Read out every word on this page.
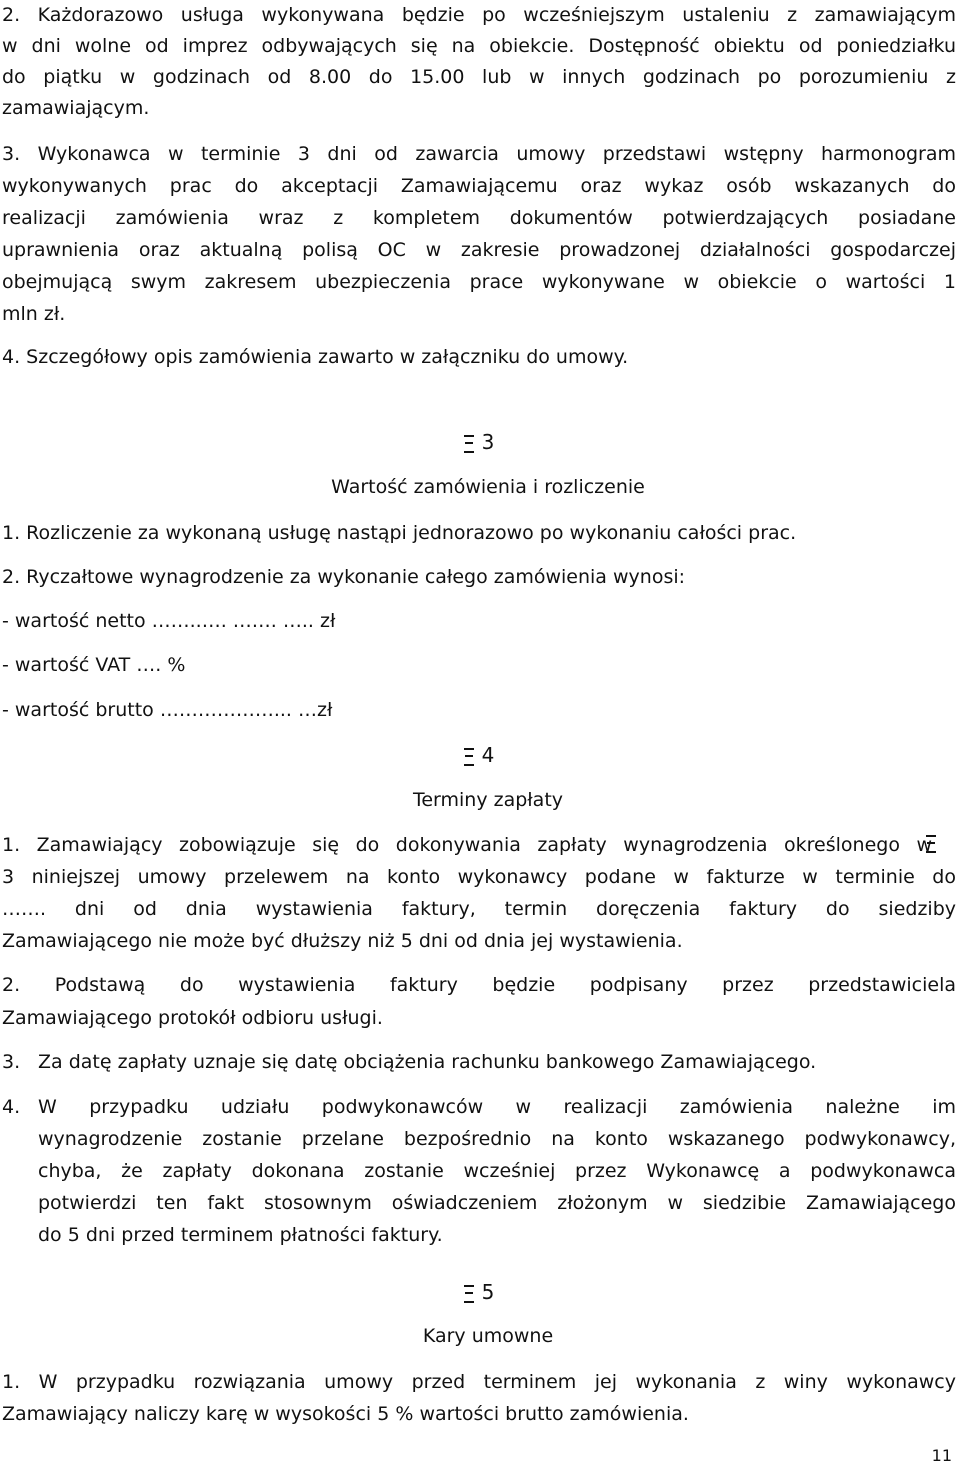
2. Każdorazowo usługa wykonywana będzie po wcześniejszym ustaleniu z zamawiającym
w dni wolne od imprez odbywających się na obiekcie. Dostępność obiektu od poniedziałku
do piątku w godzinach od 8.00 do 15.00 lub w innych godzinach po porozumieniu z
zamawiającym.
3. Wykonawca w terminie 3 dni od zawarcia umowy przedstawi wstępny harmonogram
wykonywanych prac do akceptacji Zamawiającemu oraz wykaz osób wskazanych do
realizacji zamówienia wraz z kompletem dokumentów potwierdzających posiadane
uprawnienia oraz aktualną polisą OC w zakresie prowadzonej działalności gospodarczej
obejmującą swym zakresem ubezpieczenia prace wykonywane w obiekcie o wartości 1
mln zł.
4. Szczegółowy opis zamówienia zawarto w załączniku do umowy.
3
Wartość zamówienia i rozliczenie
1. Rozliczenie za wykonaną usługę nastąpi jednorazowo po wykonaniu całości prac.
2. Ryczałtowe wynagrodzenie za wykonanie całego zamówienia wynosi:
- wartość netto ……..…. ……. ….. zł
- wartość VAT …. %
- wartość brutto ………………... …zł
4
Terminy zapłaty
1. Zamawiający zobowiązuje się do dokonywania zapłaty wynagrodzenia określonego w
3 niniejszej umowy przelewem na konto wykonawcy podane w fakturze w terminie do
……. dni od dnia wystawienia faktury, termin doręczenia faktury do siedziby
Zamawiającego nie może być dłuższy niż 5 dni od dnia jej wystawienia.
2. Podstawą do wystawienia faktury będzie podpisany przez przedstawiciela
Zamawiającego protokół odbioru usługi.
3. Za datę zapłaty uznaje się datę obciążenia rachunku bankowego Zamawiającego.
4. W przypadku udziału podwykonawców w realizacji zamówienia należne im
wynagrodzenie zostanie przelane bezpośrednio na konto wskazanego podwykonawcy,
chyba, że zapłaty dokonana zostanie wcześniej przez Wykonawcę a podwykonawca
potwierdzi ten fakt stosownym oświadczeniem złożonym w siedzibie Zamawiającego
do 5 dni przed terminem płatności faktury.
5
Kary umowne
1. W przypadku rozwiązania umowy przed terminem jej wykonania z winy wykonawcy
Zamawiający naliczy karę w wysokości 5 % wartości brutto zamówienia.
11
